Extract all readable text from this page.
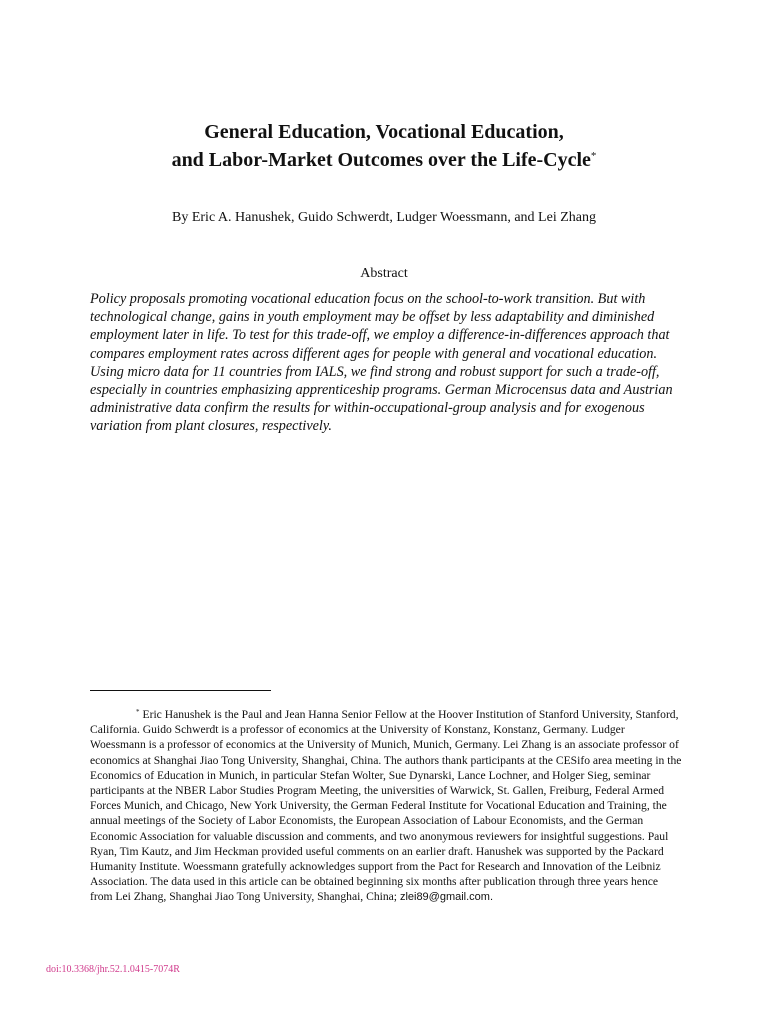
General Education, Vocational Education,
and Labor-Market Outcomes over the Life-Cycle*
By Eric A. Hanushek, Guido Schwerdt, Ludger Woessmann, and Lei Zhang
Abstract
Policy proposals promoting vocational education focus on the school-to-work transition. But with technological change, gains in youth employment may be offset by less adaptability and diminished employment later in life. To test for this trade-off, we employ a difference-in-differences approach that compares employment rates across different ages for people with general and vocational education. Using micro data for 11 countries from IALS, we find strong and robust support for such a trade-off, especially in countries emphasizing apprenticeship programs. German Microcensus data and Austrian administrative data confirm the results for within-occupational-group analysis and for exogenous variation from plant closures, respectively.
* Eric Hanushek is the Paul and Jean Hanna Senior Fellow at the Hoover Institution of Stanford University, Stanford, California. Guido Schwerdt is a professor of economics at the University of Konstanz, Konstanz, Germany. Ludger Woessmann is a professor of economics at the University of Munich, Munich, Germany. Lei Zhang is an associate professor of economics at Shanghai Jiao Tong University, Shanghai, China. The authors thank participants at the CESifo area meeting in the Economics of Education in Munich, in particular Stefan Wolter, Sue Dynarski, Lance Lochner, and Holger Sieg, seminar participants at the NBER Labor Studies Program Meeting, the universities of Warwick, St. Gallen, Freiburg, Federal Armed Forces Munich, and Chicago, New York University, the German Federal Institute for Vocational Education and Training, the annual meetings of the Society of Labor Economists, the European Association of Labour Economists, and the German Economic Association for valuable discussion and comments, and two anonymous reviewers for insightful suggestions. Paul Ryan, Tim Kautz, and Jim Heckman provided useful comments on an earlier draft. Hanushek was supported by the Packard Humanity Institute. Woessmann gratefully acknowledges support from the Pact for Research and Innovation of the Leibniz Association. The data used in this article can be obtained beginning six months after publication through three years hence from Lei Zhang, Shanghai Jiao Tong University, Shanghai, China; zlei89@gmail.com.
doi:10.3368/jhr.52.1.0415-7074R
